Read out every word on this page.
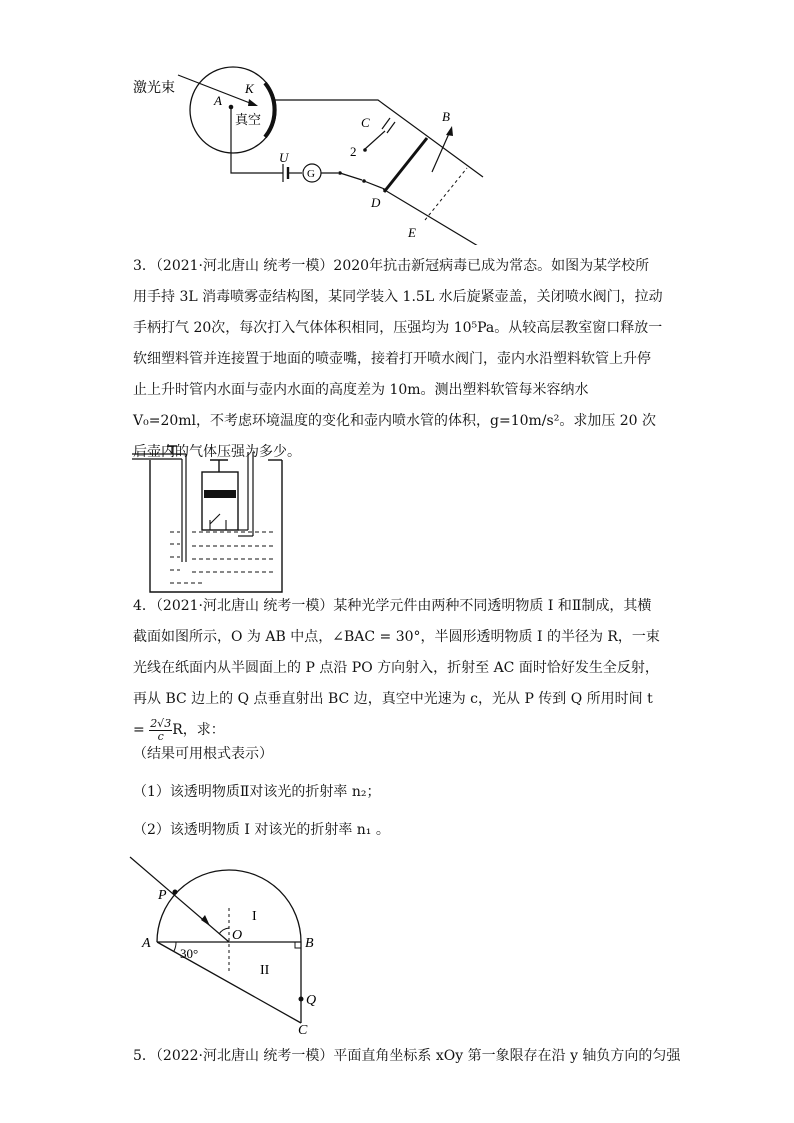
激光束	K
A
真空	C	B
2
U
G
D
E

3．（2021·河北唐山 统考一模）2020年抗击新冠病毒已成为常态。如图为某学校所用手持 3L 消毒喷雾壶结构图，某同学装入 1.5L 水后旋紧壶盖，关闭喷水阀门，拉动手柄打气 20次，每次打入气体体积相同，压强均为 10⁵Pa。从较高层教室窗口释放一软细塑料管并连接置于地面的喷壶嘴，接着打开喷水阀门，壶内水沿塑料软管上升停止上升时管内水面与壶内水面的高度差为 10m。测出塑料软管每米容纳水 V₀=20ml，不考虑环境温度的变化和壶内喷水管的体积，g=10m/s²。求加压 20 次后壶内的气体压强为多少。

4．（2021·河北唐山 统考一模）某种光学元件由两种不同透明物质 I 和Ⅱ制成，其横截面如图所示，O 为 AB 中点，∠BAC = 30°，半圆形透明物质 I 的半径为 R，一束光线在纸面内从半圆面上的 P 点沿 PO 方向射入，折射至 AC 面时恰好发生全反射，再从 BC 边上的 Q 点垂直射出 BC 边，真空中光速为 c，光从 P 传到 Q 所用时间 $t = \frac{2√3}{c}$ R，求：
（结果可用根式表示）
（1）该透明物质Ⅱ对该光的折射率 n₂；
（2）该透明物质 I 对该光的折射率 n₁ 。
P
O
I
A
30°
B
II
Q
C
5．（2022·河北唐山 统考一模）平面直角坐标系 xOy 第一象限存在沿 y 轴负方向的匀强
